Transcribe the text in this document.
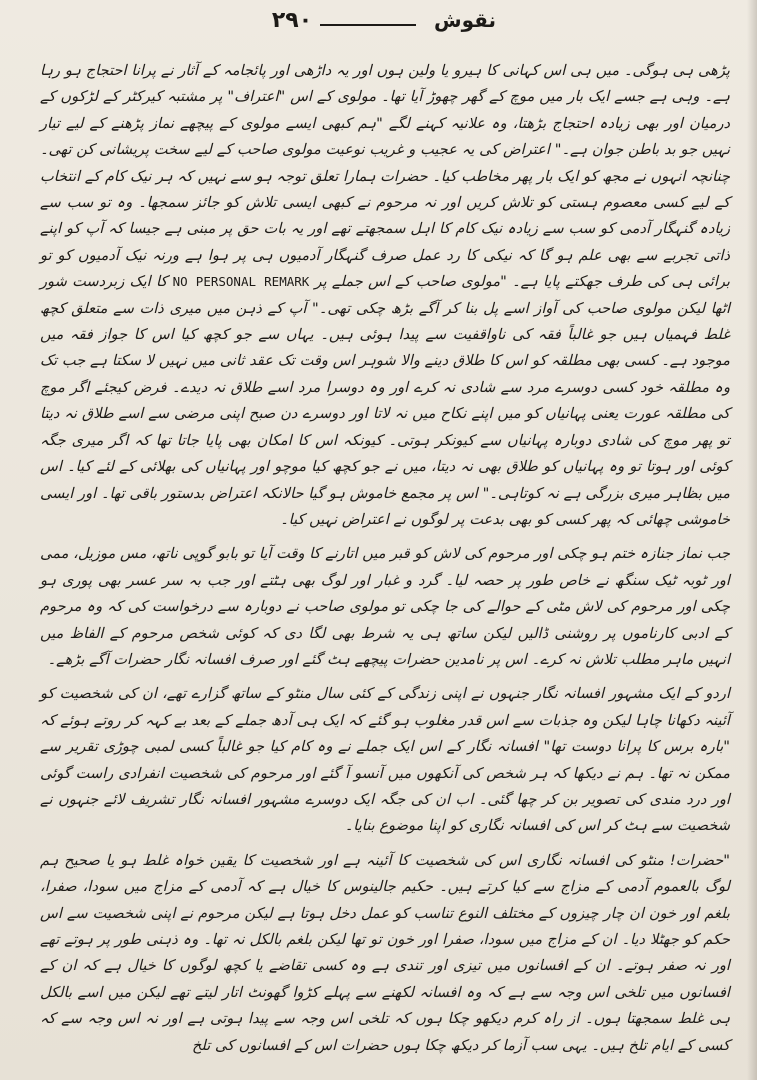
۲۹۰	نقوش

پڑھی ہی ہوگی۔ میں ہی اس کہانی کا ہیرو یا ولین ہوں اور یہ داڑھی اور پائجامہ کے آثار نے پرانا احتجاج ہو رہا ہے۔ وہی ہے جسے ایک بار میں موچ کے گھر چھوڑ آیا تھا۔ مولوی کے اس "اعتراف" پر مشتبہ کیرکٹر کے لڑکوں کے درمیان اور بھی زیادہ احتجاج بڑھتا، وہ علانیہ کہنے لگے "ہم کبھی ایسے مولوی کے پیچھے نماز پڑھنے کے لیے تیار نہیں جو بد باطن جوان ہے۔" اعتراض کی یہ عجیب و غریب نوعیت مولوی صاحب کے لیے سخت پریشانی کن تھی۔ چنانچہ انہوں نے مجھ کو ایک بار پھر مخاطب کیا۔ حضرات ہمارا تعلق توجہ ہو سے نہیں کہ ہر نیک کام کے انتخاب کے لیے کسی معصوم ہستی کو تلاش کریں اور نہ مرحوم نے کبھی ایسی تلاش کو جائز سمجھا۔ وہ تو سب سے زیادہ گنہگار آدمی کو سب سے زیادہ نیک کام کا اہل سمجھتے تھے اور یہ بات حق پر مبنی ہے جیسا کہ آپ کو اپنے ذاتی تجربے سے بھی علم ہو گا کہ نیکی کا رد عمل صرف گنہگار آدمیوں ہی پر ہوا ہے ورنہ نیک آدمیوں کو تو برائی ہی کی طرف جھکتے پایا ہے۔ "مولوی صاحب کے اس جملے پر NO PERSONAL REMARK کا ایک زبردست شور اٹھا لیکن مولوی صاحب کی آواز اسے پل بنا کر آگے بڑھ چکی تھی۔" آپ کے ذہن میں میری ذات سے متعلق کچھ غلط فہمیاں ہیں جو غالباً فقہ کی ناواقفیت سے پیدا ہوئی ہیں۔ یہاں سے جو کچھ کیا اس کا جواز فقہ میں موجود ہے۔ کسی بھی مطلقہ کو اس کا طلاق دینے والا شوہر اس وقت تک عقد ثانی میں نہیں لا سکتا ہے جب تک وہ مطلقہ خود کسی دوسرے مرد سے شادی نہ کرے اور وہ دوسرا مرد اسے طلاق نہ دیدے۔ فرض کیجئے اگر موچ کی مطلقہ عورت یعنی پہانیاں کو میں اپنے نکاح میں نہ لاتا اور دوسرے دن صبح اپنی مرضی سے اسے طلاق نہ دیتا تو پھر موچ کی شادی دوبارہ پہانیاں سے کیونکر ہوتی۔ کیونکہ اس کا امکان بھی پایا جاتا تھا کہ اگر میری جگہ کوئی اور ہوتا تو وہ پہانیاں کو طلاق بھی نہ دیتا، میں نے جو کچھ کیا موچو اور پہانیاں کی بھلائی کے لئے کیا۔ اس میں بظاہر میری بزرگی ہے نہ کوتاہی۔" اس پر مجمع خاموش ہو گیا حالانکہ اعتراض بدستور باقی تھا۔ اور ایسی خاموشی چھائی کہ پھر کسی کو بھی بدعت پر لوگوں نے اعتراض نہیں کیا۔

جب نماز جنازہ ختم ہو چکی اور مرحوم کی لاش کو قبر میں اتارنے کا وقت آیا تو بابو گوپی ناتھ، مس موزیل، ممی اور ٹوبہ ٹیک سنگھ نے خاص طور پر حصہ لیا۔ گرد و غبار اور لوگ بھی ہٹتے اور جب بہ سر عسر بھی پوری ہو چکی اور مرحوم کی لاش مٹی کے حوالے کی جا چکی تو مولوی صاحب نے دوبارہ سے درخواست کی کہ وہ مرحوم کے ادبی کارناموں پر روشنی ڈالیں لیکن ساتھ ہی یہ شرط بھی لگا دی کہ کوئی شخص مرحوم کے الفاظ میں انہیں ماہر مطلب تلاش نہ کرے۔ اس پر نامدین حضرات پیچھے ہٹ گئے اور صرف افسانہ نگار حضرات آگے بڑھے۔

اردو کے ایک مشہور افسانہ نگار جنہوں نے اپنی زندگی کے کئی سال منٹو کے ساتھ گزارے تھے، ان کی شخصیت کو آئینہ دکھانا چاہا لیکن وہ جذبات سے اس قدر مغلوب ہو گئے کہ ایک ہی آدھ جملے کے بعد بے کہہ کر روتے ہوئے کہ "بارہ برس کا پرانا دوست تھا" افسانہ نگار کے اس ایک جملے نے وہ کام کیا جو غالباً کسی لمبی چوڑی تقریر سے ممکن نہ تھا۔ ہم نے دیکھا کہ ہر شخص کی آنکھوں میں آنسو آ گئے اور مرحوم کی شخصیت انفرادی راست گوئی اور درد مندی کی تصویر بن کر چھا گئی۔ اب ان کی جگہ ایک دوسرے مشہور افسانہ نگار تشریف لائے جنہوں نے شخصیت سے ہٹ کر اس کی افسانہ نگاری کو اپنا موضوع بنایا۔

"حضرات! منٹو کی افسانہ نگاری اس کی شخصیت کا آئینہ ہے اور شخصیت کا یقین خواہ غلط ہو یا صحیح ہم لوگ بالعموم آدمی کے مزاج سے کیا کرتے ہیں۔ حکیم جالینوس کا خیال ہے کہ آدمی کے مزاج میں سودا، صفرا، بلغم اور خون ان چار چیزوں کے مختلف النوع تناسب کو عمل دخل ہوتا ہے لیکن مرحوم نے اپنی شخصیت سے اس حکم کو جھٹلا دیا۔ ان کے مزاج میں سودا، صفرا اور خون تو تھا لیکن بلغم بالکل نہ تھا۔ وہ ذہنی طور پر ہوتے تھے اور نہ صفر ہوتے۔ ان کے افسانوں میں تیزی اور تندی ہے وہ کسی تقاضے یا کچھ لوگوں کا خیال ہے کہ ان کے افسانوں میں تلخی اس وجہ سے ہے کہ وہ افسانہ لکھنے سے پہلے کڑوا گھونٹ اتار لیتے تھے لیکن میں اسے بالکل ہی غلط سمجھتا ہوں۔ از راہ کرم دیکھو چکا ہوں کہ تلخی اس وجہ سے پیدا ہوتی ہے اور نہ اس وجہ سے کہ کسی کے ایام تلخ ہیں۔ یہی سب آزما کر دیکھ چکا ہوں حضرات اس کے افسانوں کی تلخ
